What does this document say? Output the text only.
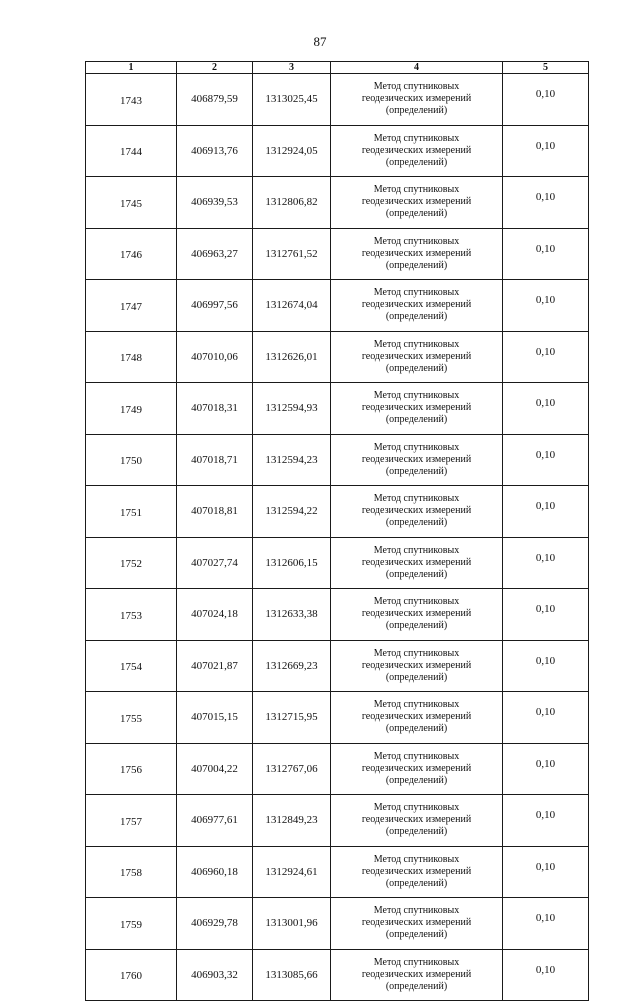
87
1	2	3	4	5
1743	406879,59	1313025,45	Метод спутниковых
геодезических измерений
(определений)	0,10
1744	406913,76	1312924,05	Метод спутниковых
геодезических измерений
(определений)	0,10
1745	406939,53	1312806,82	Метод спутниковых
геодезических измерений
(определений)	0,10
1746	406963,27	1312761,52	Метод спутниковых
геодезических измерений
(определений)	0,10
1747	406997,56	1312674,04	Метод спутниковых
геодезических измерений
(определений)	0,10
1748	407010,06	1312626,01	Метод спутниковых
геодезических измерений
(определений)	0,10
1749	407018,31	1312594,93	Метод спутниковых
геодезических измерений
(определений)	0,10
1750	407018,71	1312594,23	Метод спутниковых
геодезических измерений
(определений)	0,10
1751	407018,81	1312594,22	Метод спутниковых
геодезических измерений
(определений)	0,10
1752	407027,74	1312606,15	Метод спутниковых
геодезических измерений
(определений)	0,10
1753	407024,18	1312633,38	Метод спутниковых
геодезических измерений
(определений)	0,10
1754	407021,87	1312669,23	Метод спутниковых
геодезических измерений
(определений)	0,10
1755	407015,15	1312715,95	Метод спутниковых
геодезических измерений
(определений)	0,10
1756	407004,22	1312767,06	Метод спутниковых
геодезических измерений
(определений)	0,10
1757	406977,61	1312849,23	Метод спутниковых
геодезических измерений
(определений)	0,10
1758	406960,18	1312924,61	Метод спутниковых
геодезических измерений
(определений)	0,10
1759	406929,78	1313001,96	Метод спутниковых
геодезических измерений
(определений)	0,10
1760	406903,32	1313085,66	Метод спутниковых
геодезических измерений
(определений)	0,10
